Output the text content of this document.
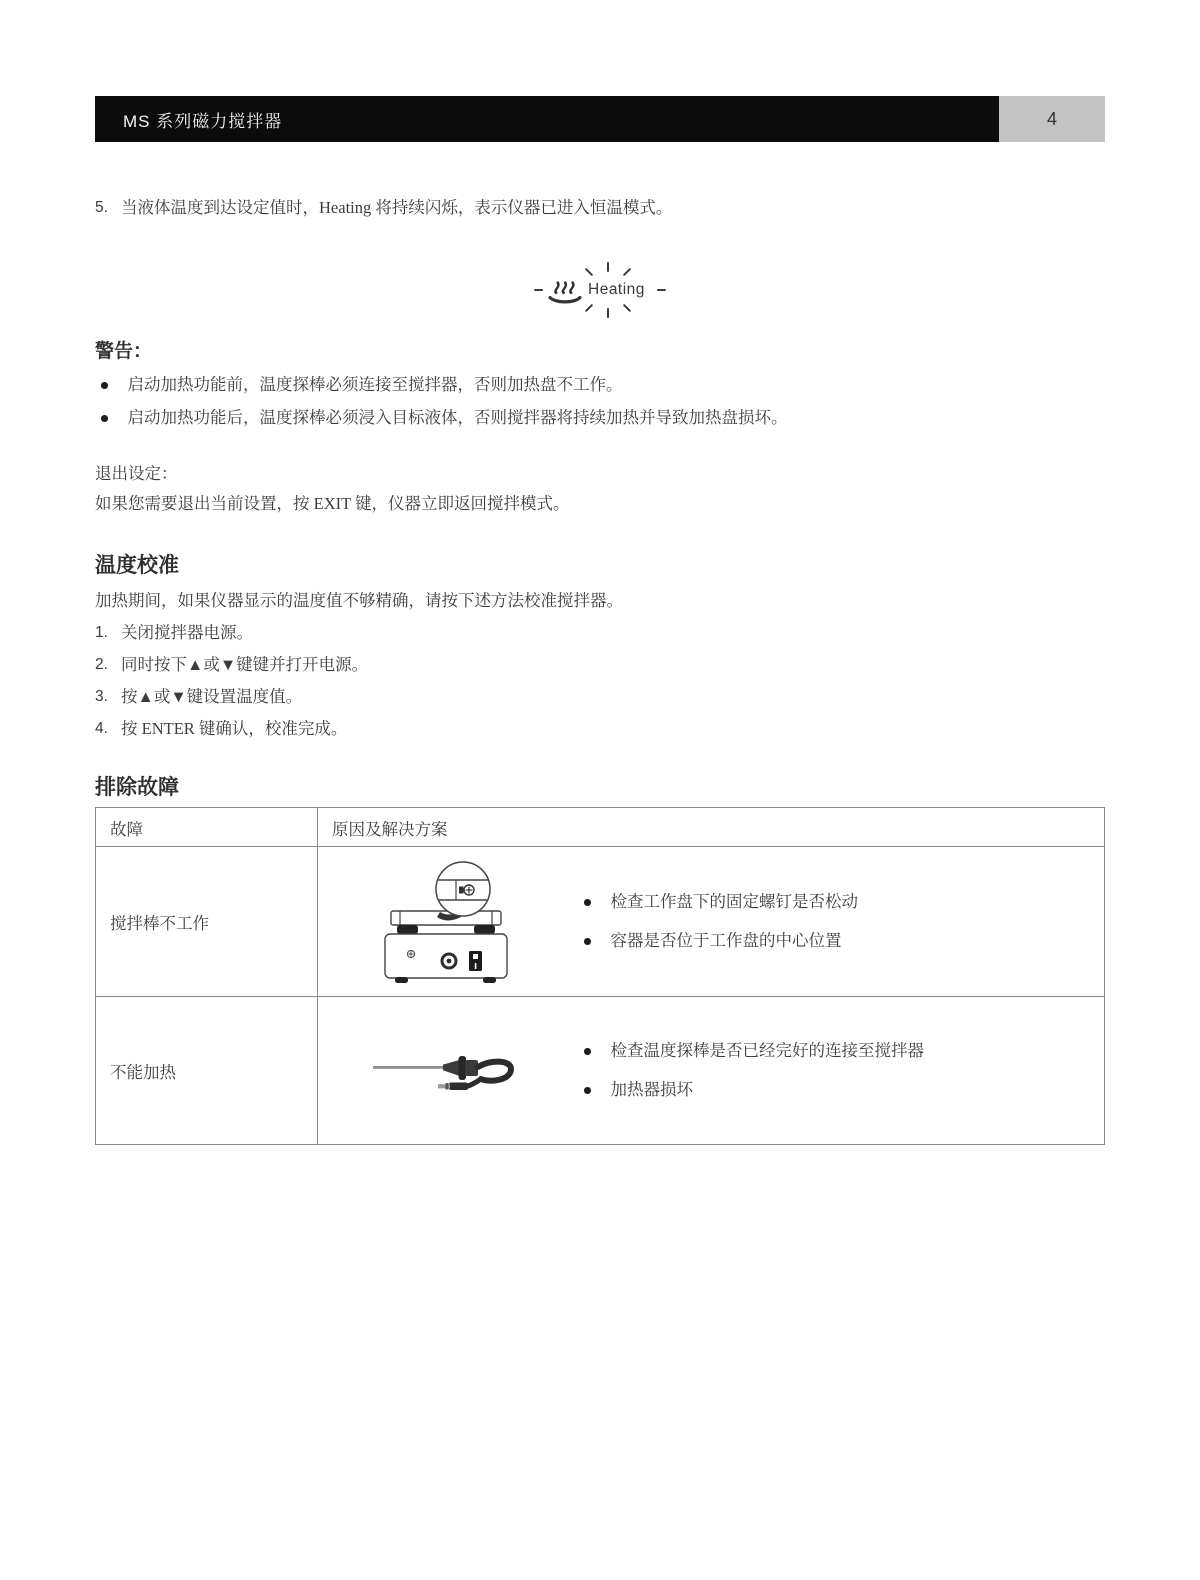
MS 系列磁力搅拌器	4
5. 当液体温度到达设定值时，Heating 将持续闪烁，表示仪器已进入恒温模式。
Heating
警告：
启动加热功能前，温度探棒必须连接至搅拌器，否则加热盘不工作。
启动加热功能后，温度探棒必须浸入目标液体，否则搅拌器将持续加热并导致加热盘损坏。
退出设定：
如果您需要退出当前设置，按 EXIT 键，仪器立即返回搅拌模式。
温度校准
加热期间，如果仪器显示的温度值不够精确，请按下述方法校准搅拌器。
1. 关闭搅拌器电源。
2. 同时按下▲或▼键键并打开电源。
3. 按▲或▼键设置温度值。
4. 按 ENTER 键确认，校准完成。
排除故障
故障	原因及解决方案
搅拌棒不工作
检查工作盘下的固定螺钉是否松动
容器是否位于工作盘的中心位置
不能加热
检查温度探棒是否已经完好的连接至搅拌器
加热器损坏
